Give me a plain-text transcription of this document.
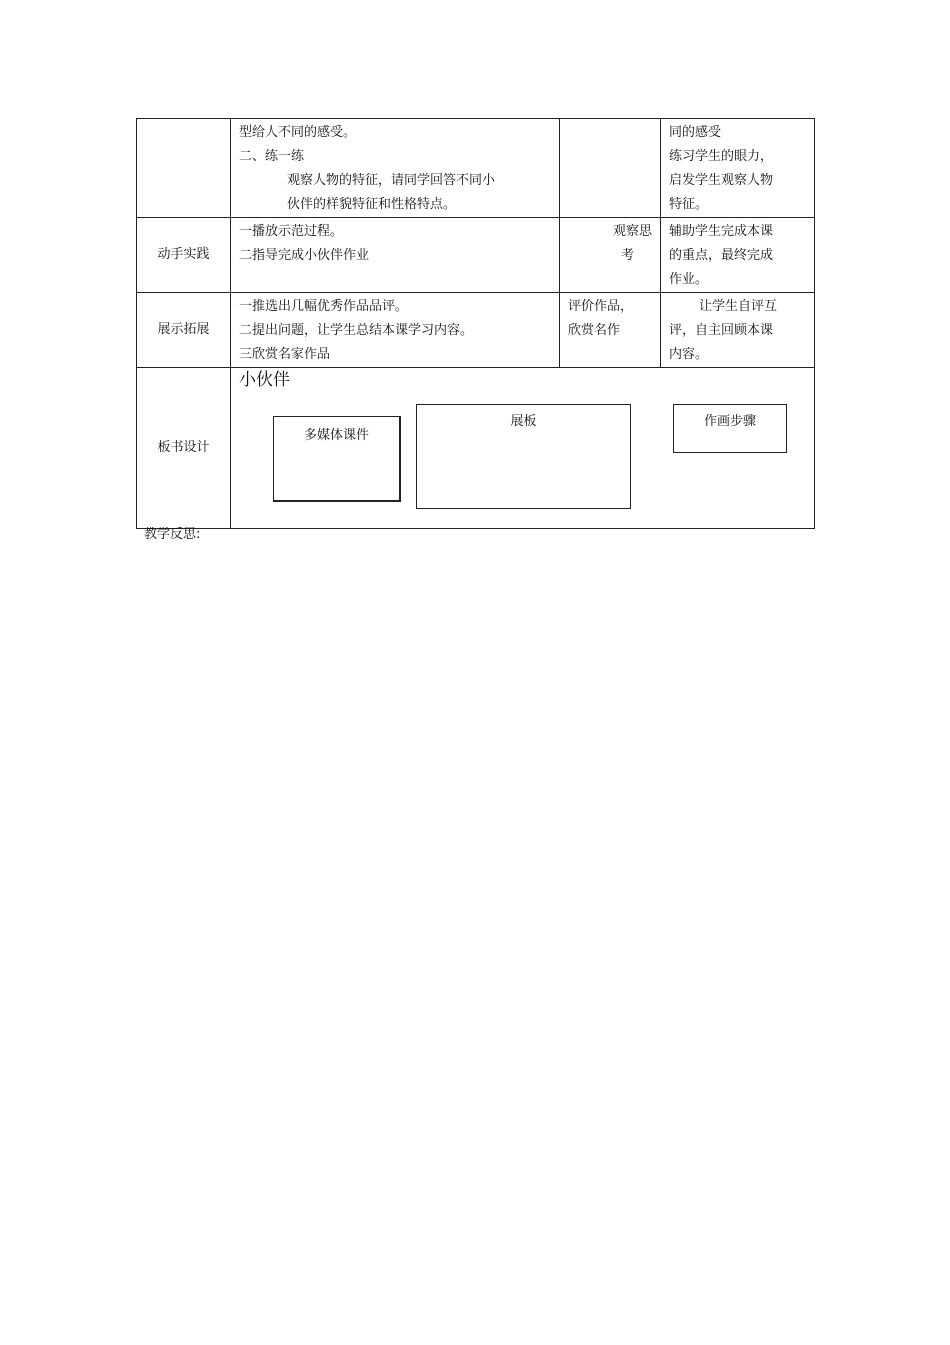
	型给人不同的感受。
二、练一练
观察人物的特征，请同学回答不同小
伙伴的样貌特征和性格特点。		同的感受
练习学生的眼力，
启发学生观察人物
特征。

动手实践	一播放示范过程。
二指导完成小伙伴作业	观察思
考	辅助学生完成本课
的重点，最终完成
作业。

展示拓展	一推选出几幅优秀作品品评。
二提出问题，让学生总结本课学习内容。
三欣赏名家作品	评价作品，
欣赏名作	让学生自评互
评，自主回顾本课
内容。

板书设计	小伙伴
多媒体课件
展板 作画步骤		
教学反思:
